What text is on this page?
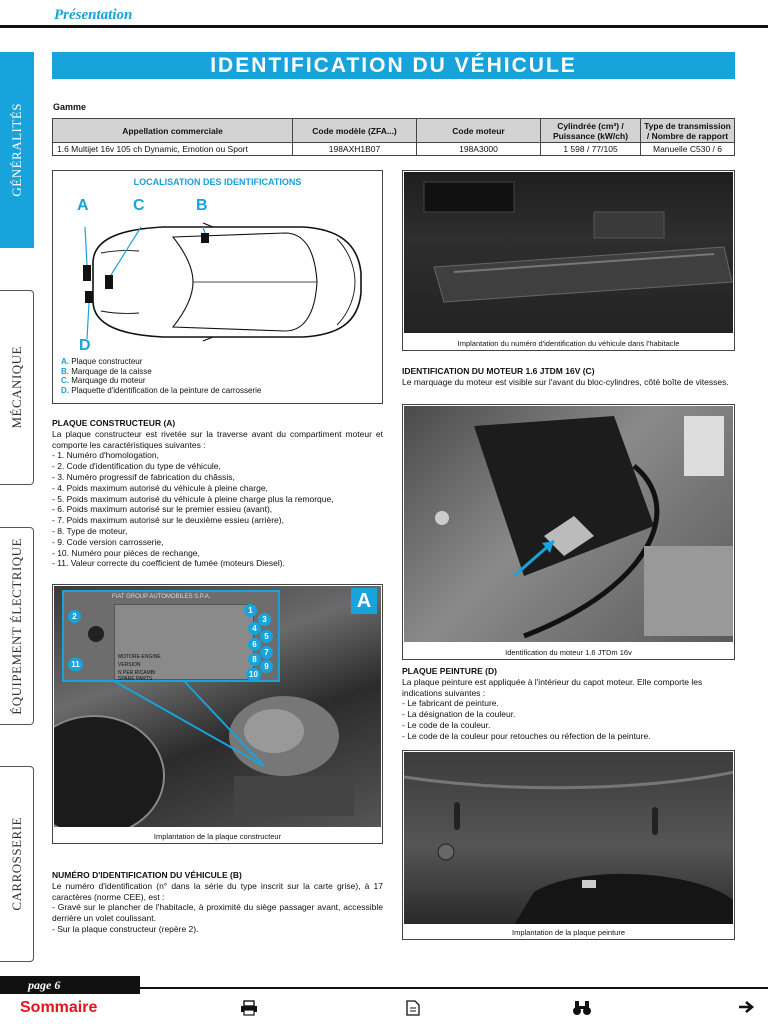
Présentation
GÉNÉRALITÉS
MÉCANIQUE
ÉQUIPEMENT ÉLECTRIQUE
CARROSSERIE
IDENTIFICATION DU VÉHICULE
Gamme
Appellation commerciale	Code modèle (ZFA...)	Code moteur	Cylindrée (cm³) / Puissance (kW/ch)	Type de transmission / Nombre de rapport
1.6 Multijet 16v 105 ch Dynamic, Emotion ou Sport	198AXH1B07	198A3000	1 598 / 77/105	Manuelle C530 / 6
LOCALISATION DES IDENTIFICATIONS
A	C	B
D
A. Plaque constructeur
B. Marquage de la caisse
C. Marquage du moteur
D. Plaquette d'identification de la peinture de carrosserie
PLAQUE CONSTRUCTEUR (A)
La plaque constructeur est rivetée sur la traverse avant du compartiment moteur et comporte les caractéristiques suivantes :
- 1. Numéro d'homologation,
- 2. Code d'identification du type de véhicule,
- 3. Numéro progressif de fabrication du châssis,
- 4. Poids maximum autorisé du véhicule à pleine charge,
- 5. Poids maximum autorisé du véhicule à pleine charge plus la remorque,
- 6. Poids maximum autorisé sur le premier essieu (avant),
- 7. Poids maximum autorisé sur le deuxième essieu (arrière),
- 8. Type de moteur,
- 9. Code version carrosserie,
- 10. Numéro pour pièces de rechange,
- 11. Valeur correcte du coefficient de fumée (moteurs Diesel).
FIAT GROUP AUTOMOBILES S.P.A.
MOTORE-ENGINE
VERSION
N PER RICAMBI
SPARE PARTS
1
2	3
4
5
6
7
8
9
10
11
A
Implantation de la plaque constructeur
NUMÉRO D'IDENTIFICATION DU VÉHICULE (B)
Le numéro d'identification (n° dans la série du type inscrit sur la carte grise), à 17 caractères (norme CEE), est :
- Gravé sur le plancher de l'habitacle, à proximité du siège passager avant, accessible derrière un volet coulissant.
- Sur la plaque constructeur (repère 2).
Implantation du numéro d'identification du véhicule dans l'habitacle
IDENTIFICATION DU MOTEUR 1.6 JTDM 16V (C)
Le marquage du moteur est visible sur l'avant du bloc-cylindres, côté boîte de vitesses.
Identification du moteur 1.6 JTDm 16v
PLAQUE PEINTURE (D)
La plaque peinture est appliquée à l'intérieur du capot moteur. Elle comporte les indications suivantes :
- Le fabricant de peinture.
- La désignation de la couleur.
- Le code de la couleur.
- Le code de la couleur pour retouches ou réfection de la peinture.
Implantation de la plaque peinture
page 6
Sommaire
